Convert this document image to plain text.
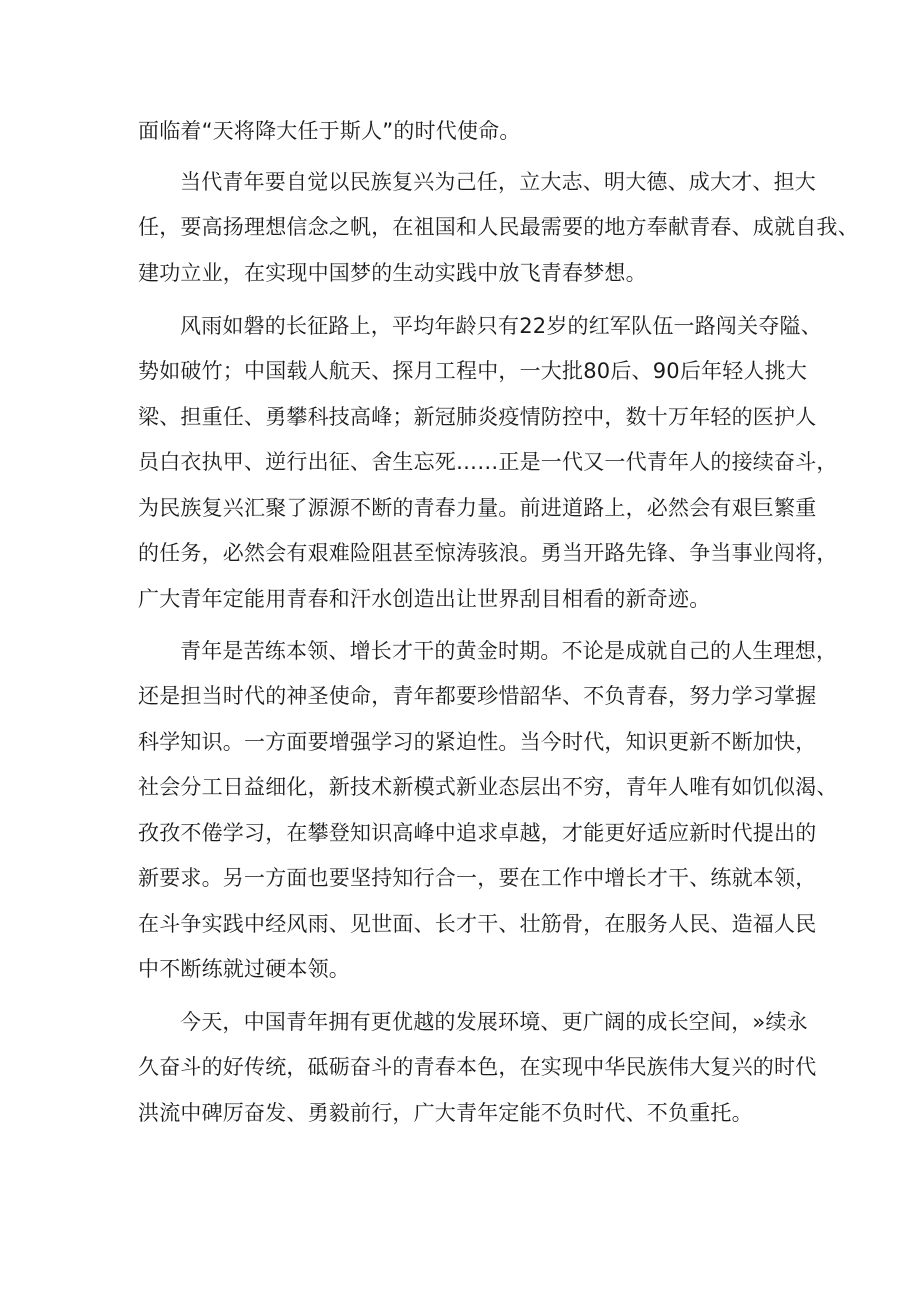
面临着“天将降大任于斯人”的时代使命。

当代青年要自觉以民族复兴为己任，立大志、明大德、成大才、担大

任，要高扬理想信念之帆，在祖国和人民最需要的地方奉献青春、成就自我、

建功立业，在实现中国梦的生动实践中放飞青春梦想。

风雨如磐的长征路上，平均年龄只有22岁的红军队伍一路闯关夺隘、

势如破竹；中国载人航天、探月工程中，一大批80后、90后年轻人挑大

梁、担重任、勇攀科技高峰；新冠肺炎疫情防控中，数十万年轻的医护人

员白衣执甲、逆行出征、舍生忘死……正是一代又一代青年人的接续奋斗，

为民族复兴汇聚了源源不断的青春力量。前进道路上，必然会有艰巨繁重

的任务，必然会有艰难险阻甚至惊涛骇浪。勇当开路先锋、争当事业闯将，

广大青年定能用青春和汗水创造出让世界刮目相看的新奇迹。

青年是苦练本领、增长才干的黄金时期。不论是成就自己的人生理想，

还是担当时代的神圣使命，青年都要珍惜韶华、不负青春，努力学习掌握

科学知识。一方面要增强学习的紧迫性。当今时代，知识更新不断加快，

社会分工日益细化，新技术新模式新业态层出不穷，青年人唯有如饥似渴、

孜孜不倦学习，在攀登知识高峰中追求卓越，才能更好适应新时代提出的

新要求。另一方面也要坚持知行合一，要在工作中增长才干、练就本领，

在斗争实践中经风雨、见世面、长才干、壮筋骨，在服务人民、造福人民

中不断练就过硬本领。

今天，中国青年拥有更优越的发展环境、更广阔的成长空间，»续永

久奋斗的好传统，砥砺奋斗的青春本色，在实现中华民族伟大复兴的时代

洪流中碑厉奋发、勇毅前行，广大青年定能不负时代、不负重托。
